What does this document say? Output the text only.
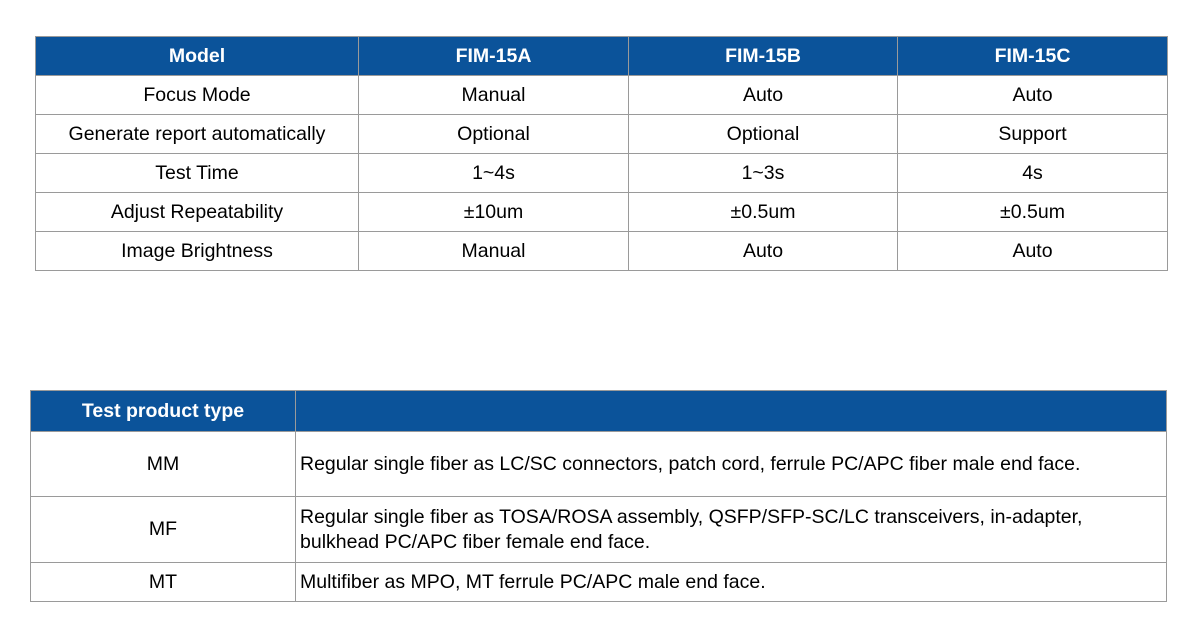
Model	FIM-15A	FIM-15B	FIM-15C
Focus Mode	Manual	Auto	Auto
Generate report automatically	Optional	Optional	Support
Test Time	1~4s	1~3s	4s
Adjust Repeatability	±10um	±0.5um	±0.5um
Image Brightness	Manual	Auto	Auto
Test product type	
MM	Regular single fiber as LC/SC connectors, patch cord, ferrule PC/APC fiber male end face.
MF	Regular single fiber as TOSA/ROSA assembly, QSFP/SFP-SC/LC transceivers, in-adapter, bulkhead PC/APC fiber female end face.
MT	Multifiber as MPO, MT ferrule PC/APC male end face.
